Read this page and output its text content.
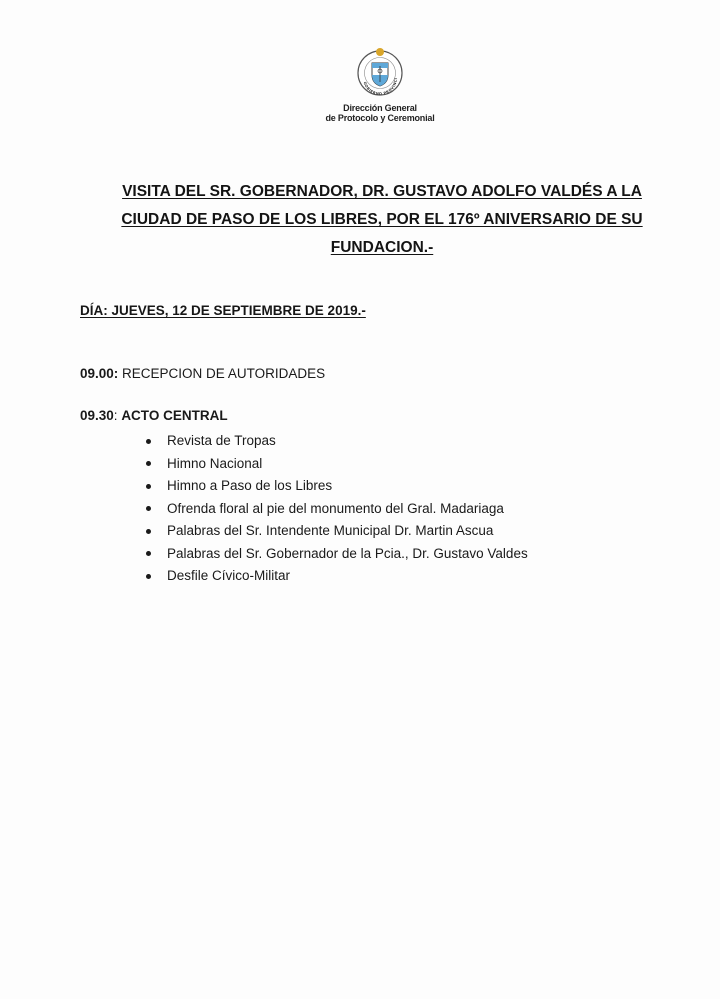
GOBIERNO PROVINCI
Dirección General
de Protocolo y Ceremonial
VISITA DEL SR. GOBERNADOR, DR. GUSTAVO ADOLFO VALDÉS A LA
CIUDAD DE PASO DE LOS LIBRES, POR EL 176º ANIVERSARIO DE SU
FUNDACION.-
DÍA: JUEVES, 12 DE SEPTIEMBRE DE 2019.-
09.00: RECEPCION DE AUTORIDADES
09.30: ACTO CENTRAL
Revista de Tropas
Himno Nacional
Himno a Paso de los Libres
Ofrenda floral al pie del monumento del Gral. Madariaga
Palabras del Sr. Intendente Municipal Dr. Martin Ascua
Palabras del Sr. Gobernador de la Pcia., Dr. Gustavo Valdes
Desfile Cívico-Militar
